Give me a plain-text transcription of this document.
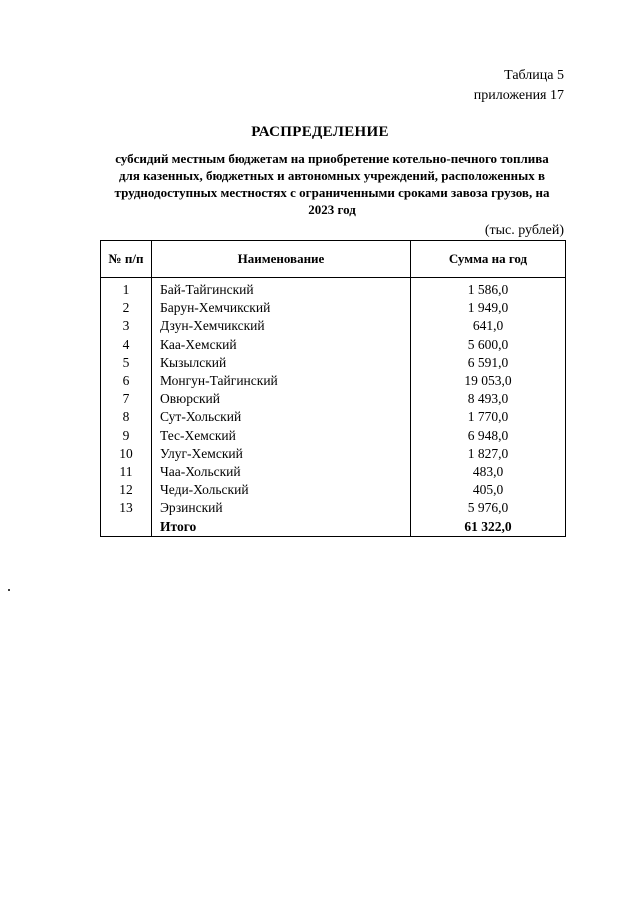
Таблица 5
приложения 17
РАСПРЕДЕЛЕНИЕ
субсидий местным бюджетам на приобретение котельно-печного топлива
для казенных, бюджетных и автономных учреждений, расположенных в
труднодоступных местностях с ограниченными сроками завоза грузов, на
2023 год
(тыс. рублей)
№ п/п	Наименование	Сумма на год
1	Бай-Тайгинский	1 586,0
2	Барун-Хемчикский	1 949,0
3	Дзун-Хемчикский	641,0
4	Каа-Хемский	5 600,0
5	Кызылский	6 591,0
6	Монгун-Тайгинский	19 053,0
7	Овюрский	8 493,0
8	Сут-Хольский	1 770,0
9	Тес-Хемский	6 948,0
10	Улуг-Хемский	1 827,0
11	Чаа-Хольский	483,0
12	Чеди-Хольский	405,0
13	Эрзинский	5 976,0
	Итого	61 322,0
